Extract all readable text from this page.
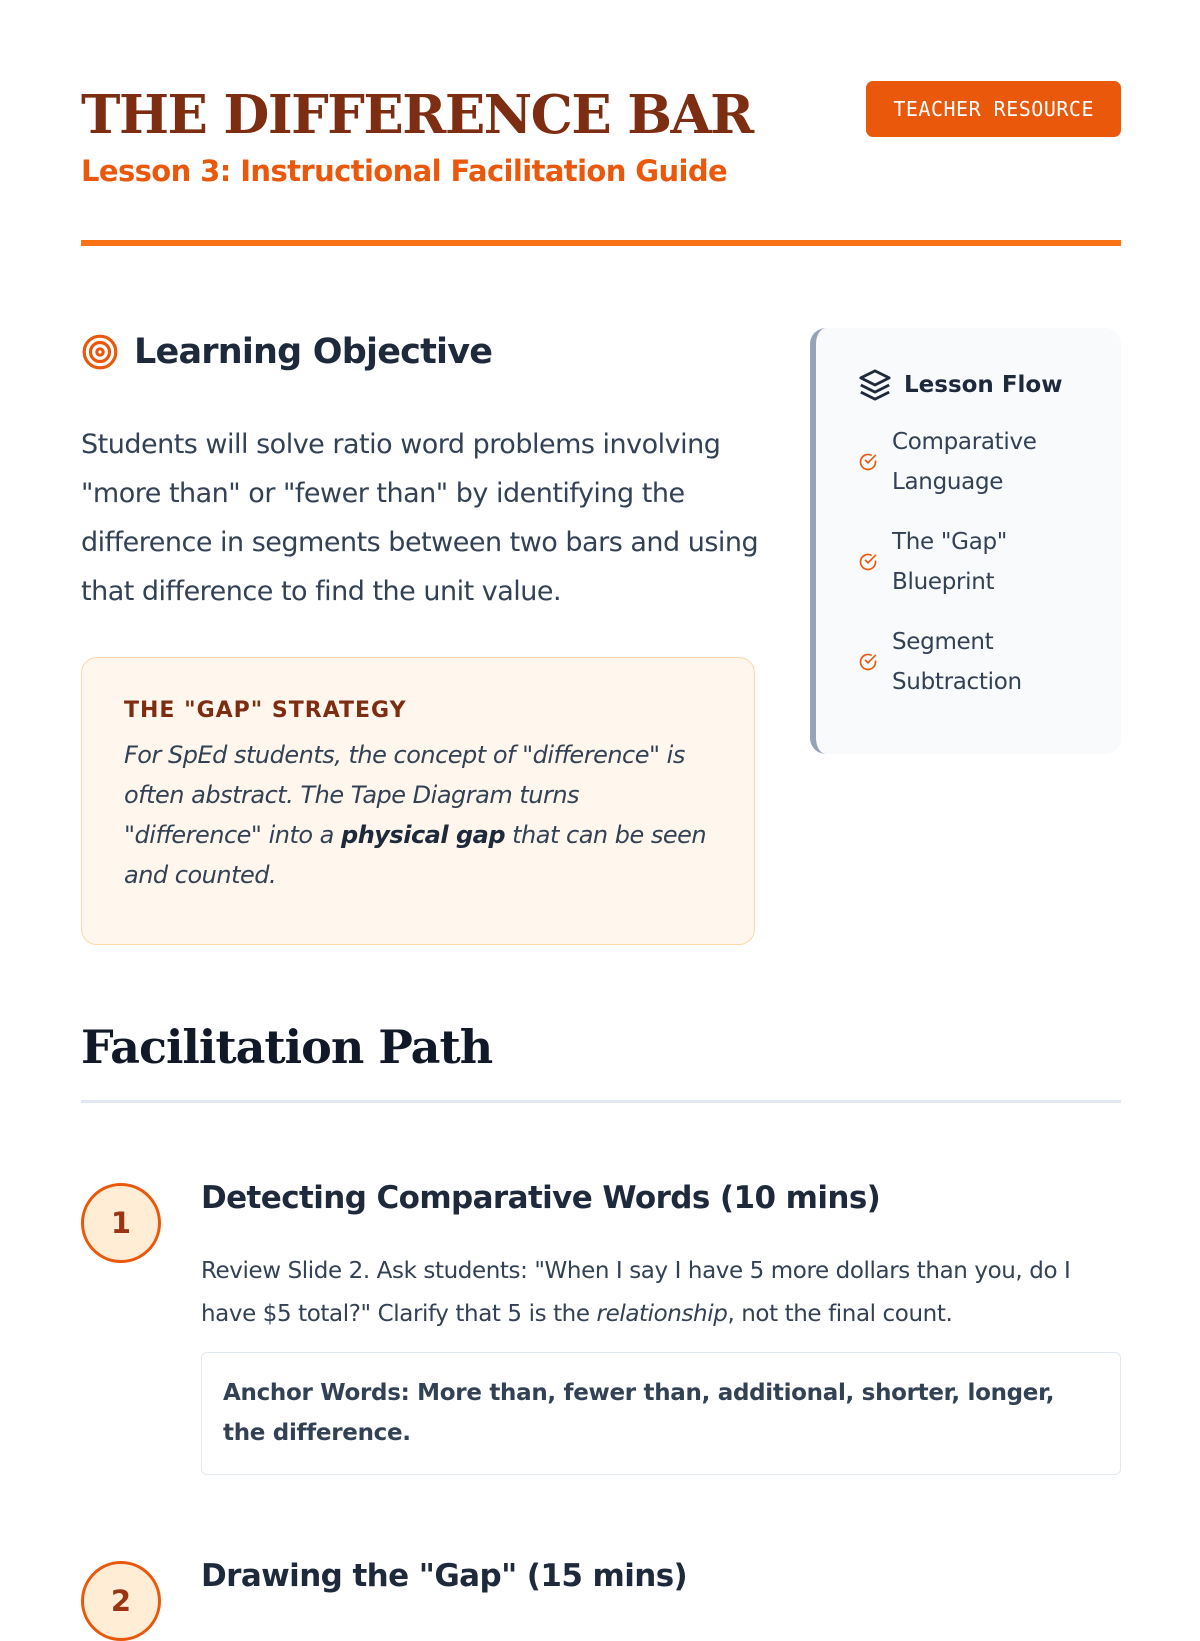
THE DIFFERENCE BAR
Lesson 3: Instructional Facilitation Guide
TEACHER RESOURCE
Learning Objective

Students will solve ratio word problems involving "more than" or "fewer than" by identifying the difference in segments between two bars and using that difference to find the unit value.

THE "GAP" STRATEGY

For SpEd students, the concept of "difference" is often abstract. The Tape Diagram turns "difference" into a physical gap that can be seen and counted.

Lesson Flow
Comparative Language
The "Gap" Blueprint
Segment Subtraction
Facilitation Path
1
Detecting Comparative Words (10 mins)

Review Slide 2. Ask students: "When I say I have 5 more dollars than you, do I have $5 total?" Clarify that 5 is the relationship, not the final count.

Anchor Words: More than, fewer than, additional, shorter, longer, the difference.
2
Drawing the "Gap" (15 mins)
